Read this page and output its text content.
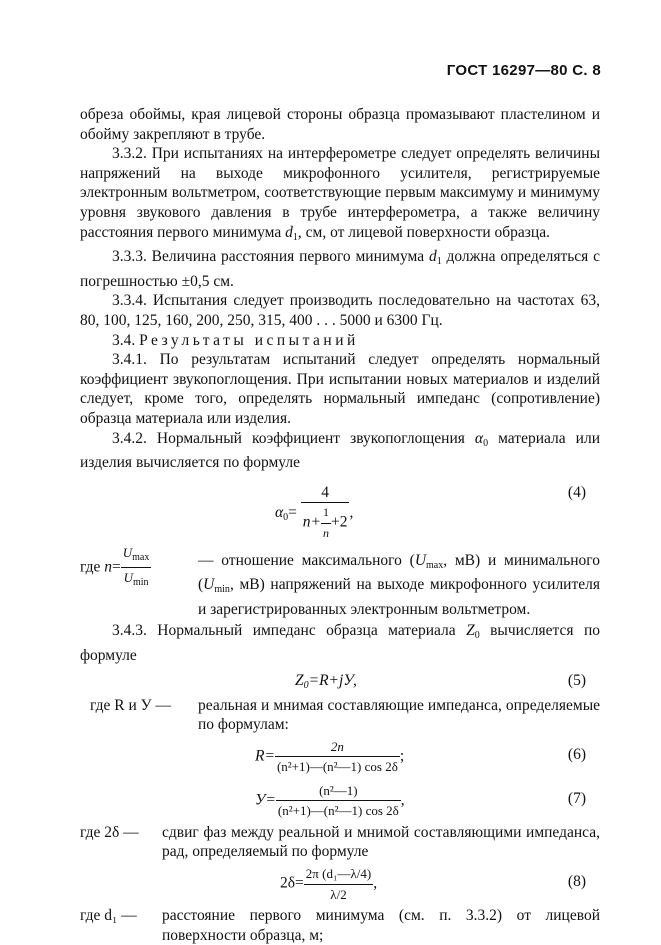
ГОСТ 16297—80 С. 8

обреза обоймы, края лицевой стороны образца промазывают пластелином и обойму закрепляют в трубе.

3.3.2. При испытаниях на интерферометре следует определять величины напряжений на выходе микрофонного усилителя, регистрируемые электронным вольтметром, соответствующие первым максимуму и минимуму уровня звукового давления в трубе интерферометра, а также величину расстояния первого минимума $d_1$, см, от лицевой поверхности образца.

3.3.3. Величина расстояния первого минимума $d_1$ должна определяться с погрешностью ±0,5 см.

3.3.4. Испытания следует производить последовательно на частотах 63, 80, 100, 125, 160, 200, 250, 315, 400 . . . 5000 и 6300 Гц.

3.4. Результаты испытаний

3.4.1. По результатам испытаний следует определять нормальный коэффициент звукопоглощения. При испытании новых материалов и изделий следует, кроме того, определять нормальный импеданс (сопротивление) образца материала или изделия.

3.4.2. Нормальный коэффициент звукопоглощения $\alpha_0$ материала или изделия вычисляется по формуле

$\alpha_0= \frac{4}{n+ \frac{1}{n} +2}$ ,
(4)
где $n= \frac{U_{max}}{U_{min}}$	— отношение максимального ($U_{max}$, мВ) и минимального ($U_{min}$, мВ) напряжений на выходе микрофонного усилителя и зарегистрированных электронным вольтметром.

3.4.3. Нормальный импеданс образца материала $Z_0$ вычисляется по формуле

$Z_0=R+jУ$,	(5)
где R и У —	реальная и мнимая составляющие импеданса, определяемые по формулам:
$R= \frac{2n}{\text{(n²+1)—(n²—1) cos 2δ}}$ ;	(6)
$У= \frac{\text{(n²—1)}}{\text{(n²+1)—(n²—1) cos 2δ}}$ ,	(7)
где 2δ —	сдвиг фаз между реальной и мнимой составляющими импеданса, рад, определяемый по формуле
$2\delta= \frac{\text{2π (d₁—λ/4)}}{\lambda/2}$ ,	(8)
где d₁ —	расстояние первого минимума (см. п. 3.3.2) от лицевой поверхности образца, м;
